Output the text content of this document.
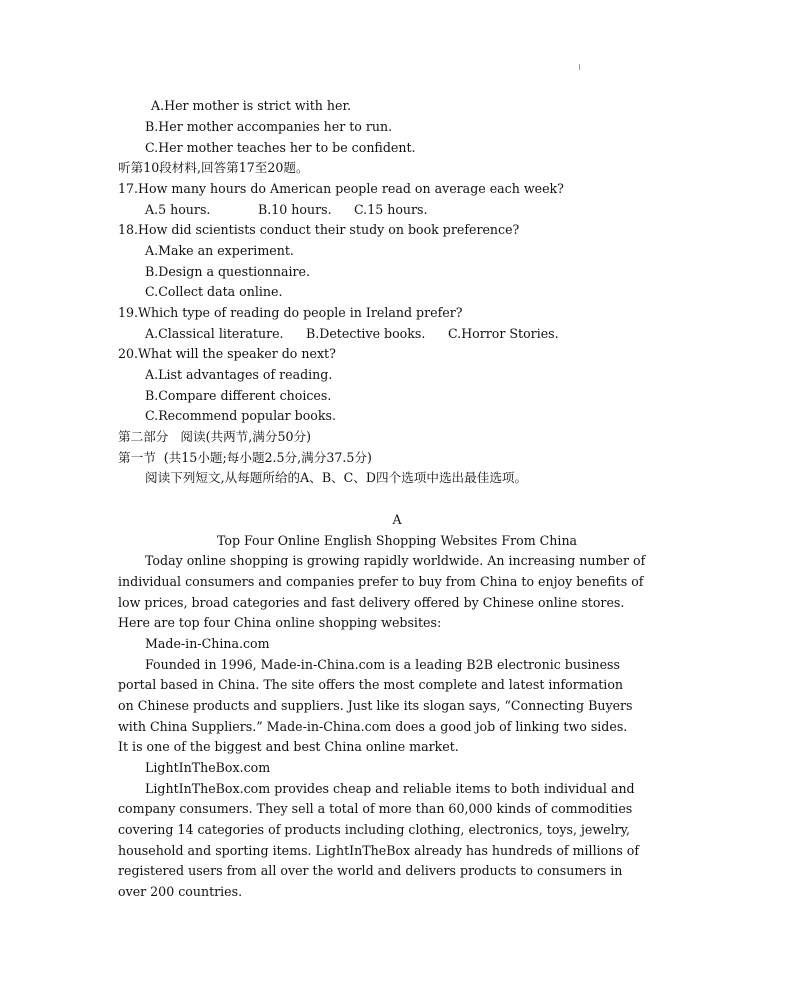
A.Her mother is strict with her.
B.Her mother accompanies her to run.
C.Her mother teaches her to be confident.
听第10段材料,回答第17至20题。
17.How many hours do American people read on average each week?
A.5 hours.	B.10 hours. C.15 hours.
18.How did scientists conduct their study on book preference?
A.Make an experiment.
B.Design a questionnaire.
C.Collect data online.
19.Which type of reading do people in Ireland prefer?
A.Classical literature. B.Detective books. C.Horror Stories.
20.What will the speaker do next?
A.List advantages of reading.
B.Compare different choices.
C.Recommend popular books.
第二部分   阅读(共两节,满分50分)
第一节  (共15小题;每小题2.5分,满分37.5分)
阅读下列短文,从每题所给的A、B、C、D四个选项中选出最佳选项。
A
Top Four Online English Shopping Websites From China
Today online shopping is growing rapidly worldwide. An increasing number of
individual consumers and companies prefer to buy from China to enjoy benefits of
low prices, broad categories and fast delivery offered by Chinese online stores.
Here are top four China online shopping websites:
Made-in-China.com
Founded in 1996, Made-in-China.com is a leading B2B electronic business
portal based in China. The site offers the most complete and latest information
on Chinese products and suppliers. Just like its slogan says, “Connecting Buyers
with China Suppliers.” Made-in-China.com does a good job of linking two sides.
It is one of the biggest and best China online market.
LightInTheBox.com
LightInTheBox.com provides cheap and reliable items to both individual and
company consumers. They sell a total of more than 60,000 kinds of commodities
covering 14 categories of products including clothing, electronics, toys, jewelry,
household and sporting items. LightInTheBox already has hundreds of millions of
registered users from all over the world and delivers products to consumers in
over 200 countries.
